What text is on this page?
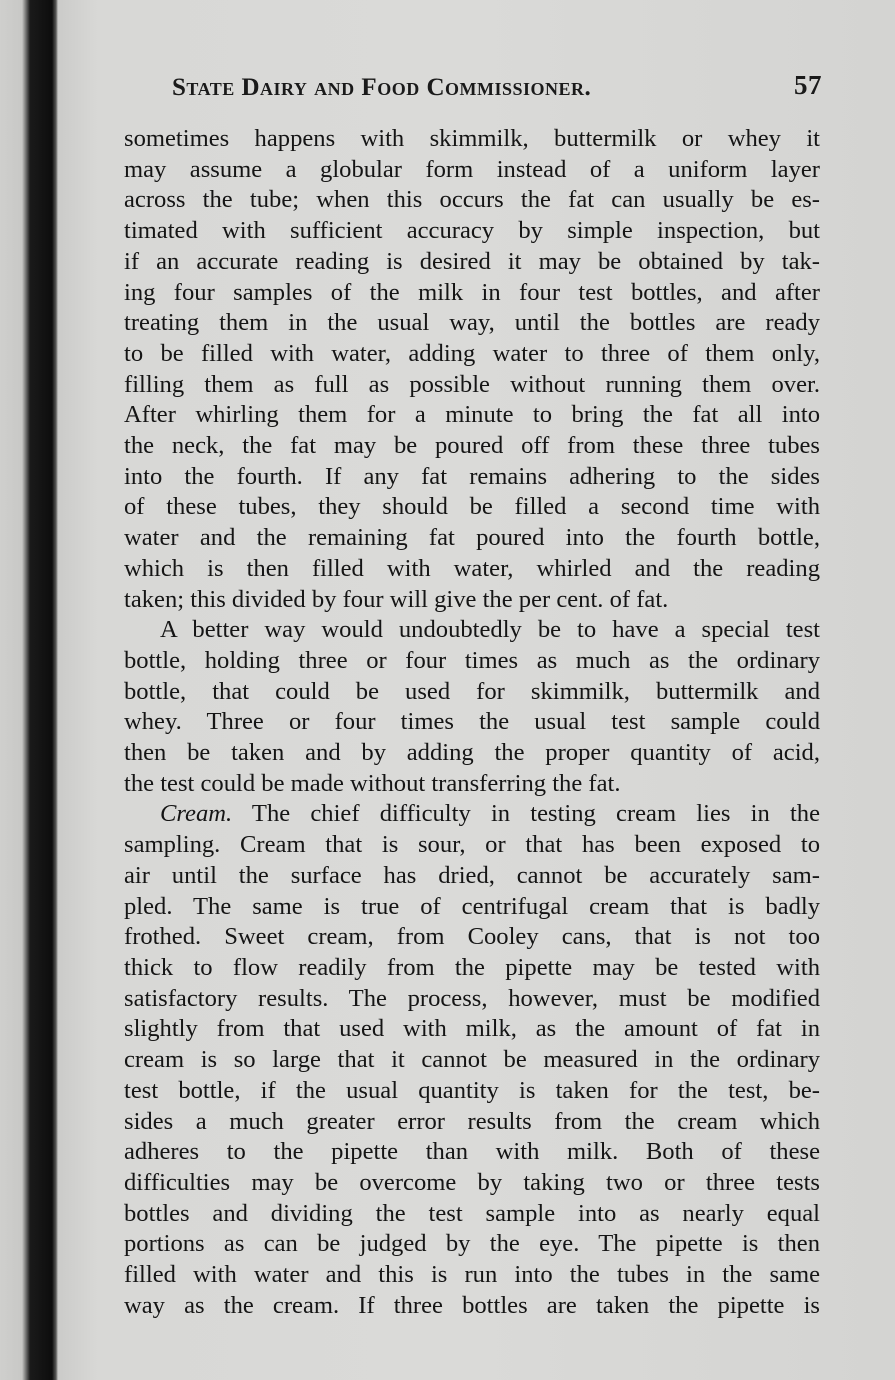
State Dairy and Food Commissioner.	57
sometimes happens with skimmilk, buttermilk or whey it
may assume a globular form instead of a uniform layer
across the tube; when this occurs the fat can usually be es-
timated with sufficient accuracy by simple inspection, but
if an accurate reading is desired it may be obtained by tak-
ing four samples of the milk in four test bottles, and after
treating them in the usual way, until the bottles are ready
to be filled with water, adding water to three of them only,
filling them as full as possible without running them over.
After whirling them for a minute to bring the fat all into
the neck, the fat may be poured off from these three tubes
into the fourth. If any fat remains adhering to the sides
of these tubes, they should be filled a second time with
water and the remaining fat poured into the fourth bottle,
which is then filled with water, whirled and the reading
taken; this divided by four will give the per cent. of fat.
A better way would undoubtedly be to have a special test
bottle, holding three or four times as much as the ordinary
bottle, that could be used for skimmilk, buttermilk and
whey. Three or four times the usual test sample could
then be taken and by adding the proper quantity of acid,
the test could be made without transferring the fat.
Cream. The chief difficulty in testing cream lies in the
sampling. Cream that is sour, or that has been exposed to
air until the surface has dried, cannot be accurately sam-
pled. The same is true of centrifugal cream that is badly
frothed. Sweet cream, from Cooley cans, that is not too
thick to flow readily from the pipette may be tested with
satisfactory results. The process, however, must be modified
slightly from that used with milk, as the amount of fat in
cream is so large that it cannot be measured in the ordinary
test bottle, if the usual quantity is taken for the test, be-
sides a much greater error results from the cream which
adheres to the pipette than with milk. Both of these
difficulties may be overcome by taking two or three tests
bottles and dividing the test sample into as nearly equal
portions as can be judged by the eye. The pipette is then
filled with water and this is run into the tubes in the same
way as the cream. If three bottles are taken the pipette is
